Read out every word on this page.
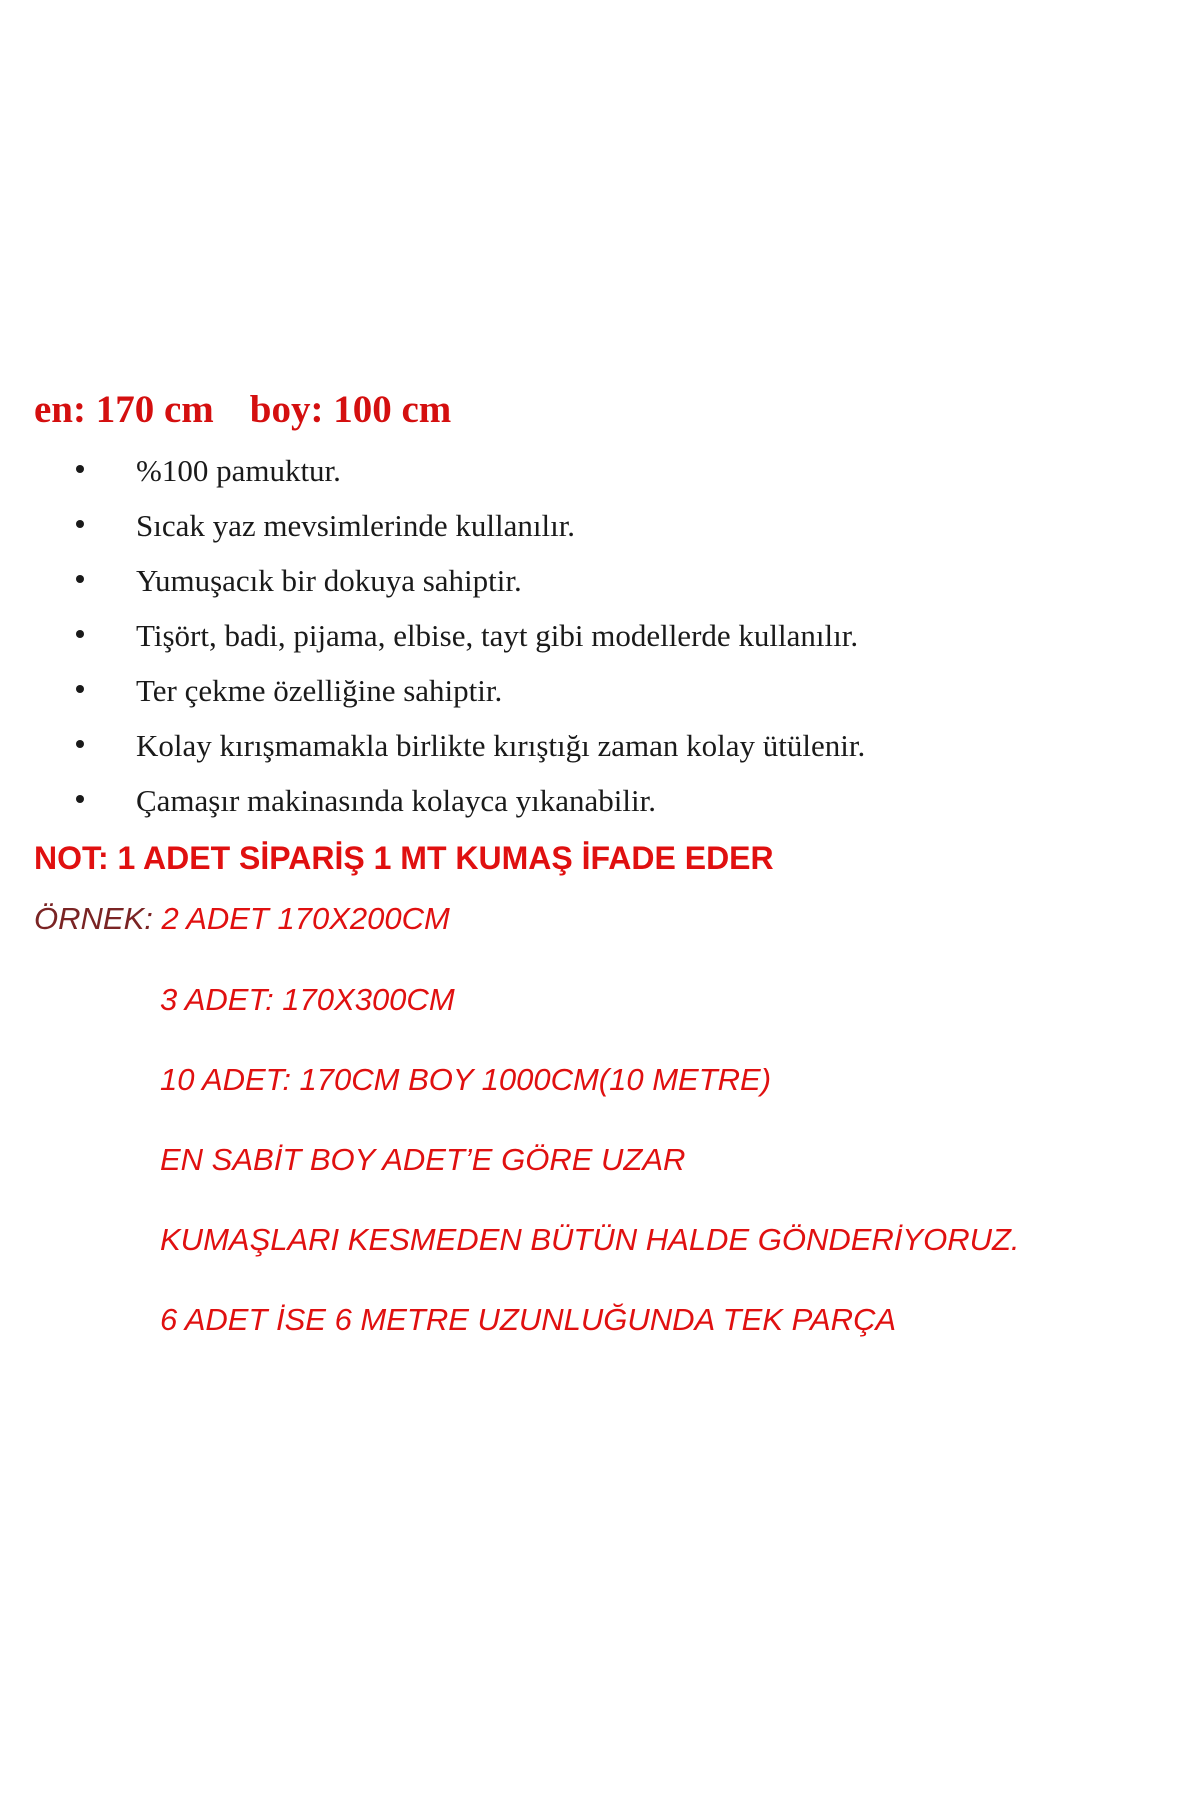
en: 170 cm boy: 100 cm
%100 pamuktur.
Sıcak yaz mevsimlerinde kullanılır.
Yumuşacık bir dokuya sahiptir.
Tişört, badi, pijama, elbise, tayt gibi modellerde kullanılır.
Ter çekme özelliğine sahiptir.
Kolay kırışmamakla birlikte kırıştığı zaman kolay ütülenir.
Çamaşır makinasında kolayca yıkanabilir.

NOT: 1 ADET SİPARİŞ 1 MT KUMAŞ İFADE EDER

ÖRNEK: 2 ADET 170X200CM

3 ADET: 170X300CM
10 ADET: 170CM BOY 1000CM(10 METRE)
EN SABİT BOY ADET’E GÖRE UZAR
KUMAŞLARI KESMEDEN BÜTÜN HALDE GÖNDERİYORUZ.
6 ADET İSE 6 METRE UZUNLUĞUNDA TEK PARÇA
